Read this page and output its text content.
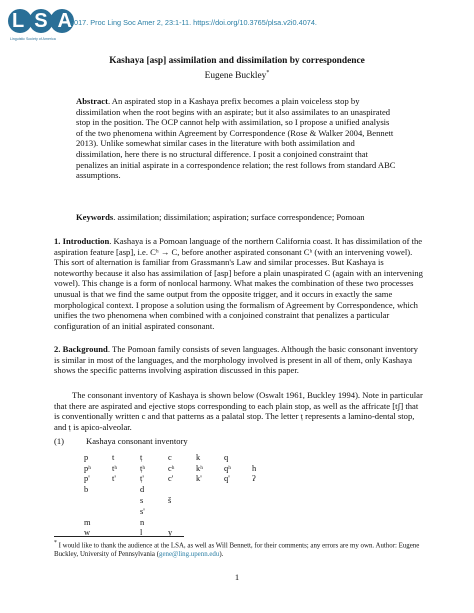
LSA
Linguistic Society of America
2017. Proc Ling Soc Amer 2, 23:1-11. https://doi.org/10.3765/plsa.v2i0.4074.
Kashaya [asp] assimilation and dissimilation by correspondence
Eugene Buckley*
Abstract. An aspirated stop in a Kashaya prefix becomes a plain voiceless stop by dissimilation when the root begins with an aspirate; but it also assimilates to an unaspirated stop in the position. The OCP cannot help with assimilation, so I propose a unified analysis of the two phenomena within Agreement by Correspondence (Rose & Walker 2004, Bennett 2013). Unlike somewhat similar cases in the literature with both assimilation and dissimilation, here there is no structural difference. I posit a conjoined constraint that penalizes an initial aspirate in a correspondence relation; the rest follows from standard ABC assumptions.
Keywords. assimilation; dissimilation; aspiration; surface correspondence; Pomoan
1. Introduction. Kashaya is a Pomoan language of the northern California coast. It has dissimilation of the aspiration feature [asp], i.e. Cʰ → C, before another aspirated consonant Cʰ (with an intervening vowel). This sort of alternation is familiar from Grassmann's Law and similar processes. But Kashaya is noteworthy because it also has assimilation of [asp] before a plain unaspirated C (again with an intervening vowel). This change is a form of nonlocal harmony. What makes the combination of these two processes unusual is that we find the same output from the opposite trigger, and it occurs in exactly the same morphological context. I propose a solution using the formalism of Agreement by Correspondence, which unifies the two phenomena when combined with a conjoined constraint that penalizes a particular configuration of an initial aspirated consonant.
2. Background. The Pomoan family consists of seven languages. Although the basic consonant inventory is similar in most of the languages, and the morphology involved is present in all of them, only Kashaya shows the specific patterns involving aspiration discussed in this paper.
The consonant inventory of Kashaya is shown below (Oswalt 1961, Buckley 1994). Note in particular that there are aspirated and ejective stops corresponding to each plain stop, as well as the affricate [tʃ] that is conventionally written c and that patterns as a palatal stop. The letter ṭ represents a lamino-dental stop, and ṭ is apico-alveolar.
(1)	Kashaya consonant inventory
p	t	ṭ	c	k	q	
pʰ	tʰ	ṭʰ	cʰ	kʰ	qʰ	h
p'	t'	ṭ'	c'	k'	q'	ʔ
b		d				
		s	š			
		s'				
m		n				
w		l	y			
* I would like to thank the audience at the LSA, as well as Will Bennett, for their comments; any errors are my own. Author: Eugene Buckley, University of Pennsylvania (gene@ling.upenn.edu).
1
